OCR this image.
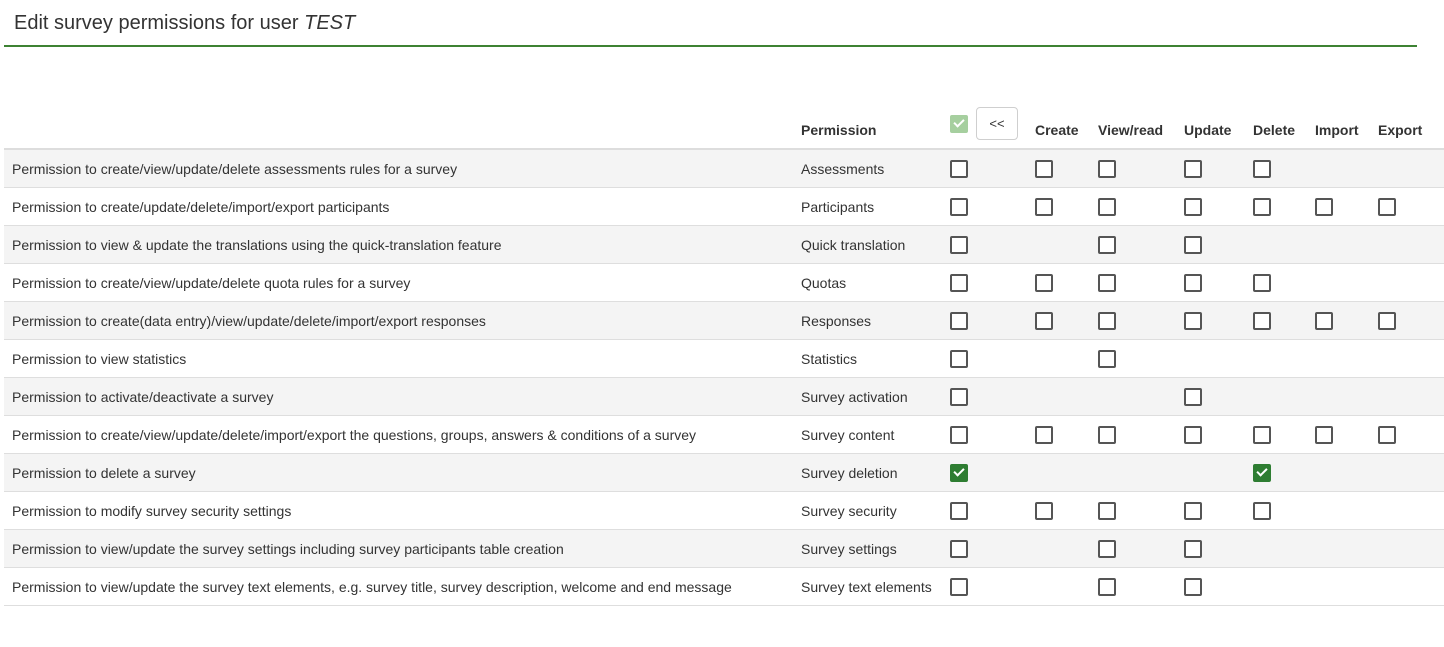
Edit survey permissions for user TEST
	Permission	<<	Create	View/read	Update	Delete	Import	Export
Permission to create/view/update/delete assessments rules for a survey	Assessments							
Permission to create/update/delete/import/export participants	Participants							
Permission to view & update the translations using the quick-translation feature	Quick translation							
Permission to create/view/update/delete quota rules for a survey	Quotas							
Permission to create(data entry)/view/update/delete/import/export responses	Responses							
Permission to view statistics	Statistics							
Permission to activate/deactivate a survey	Survey activation							
Permission to create/view/update/delete/import/export the questions, groups, answers & conditions of a survey	Survey content							
Permission to delete a survey	Survey deletion							
Permission to modify survey security settings	Survey security							
Permission to view/update the survey settings including survey participants table creation	Survey settings							
Permission to view/update the survey text elements, e.g. survey title, survey description, welcome and end message	Survey text elements							
